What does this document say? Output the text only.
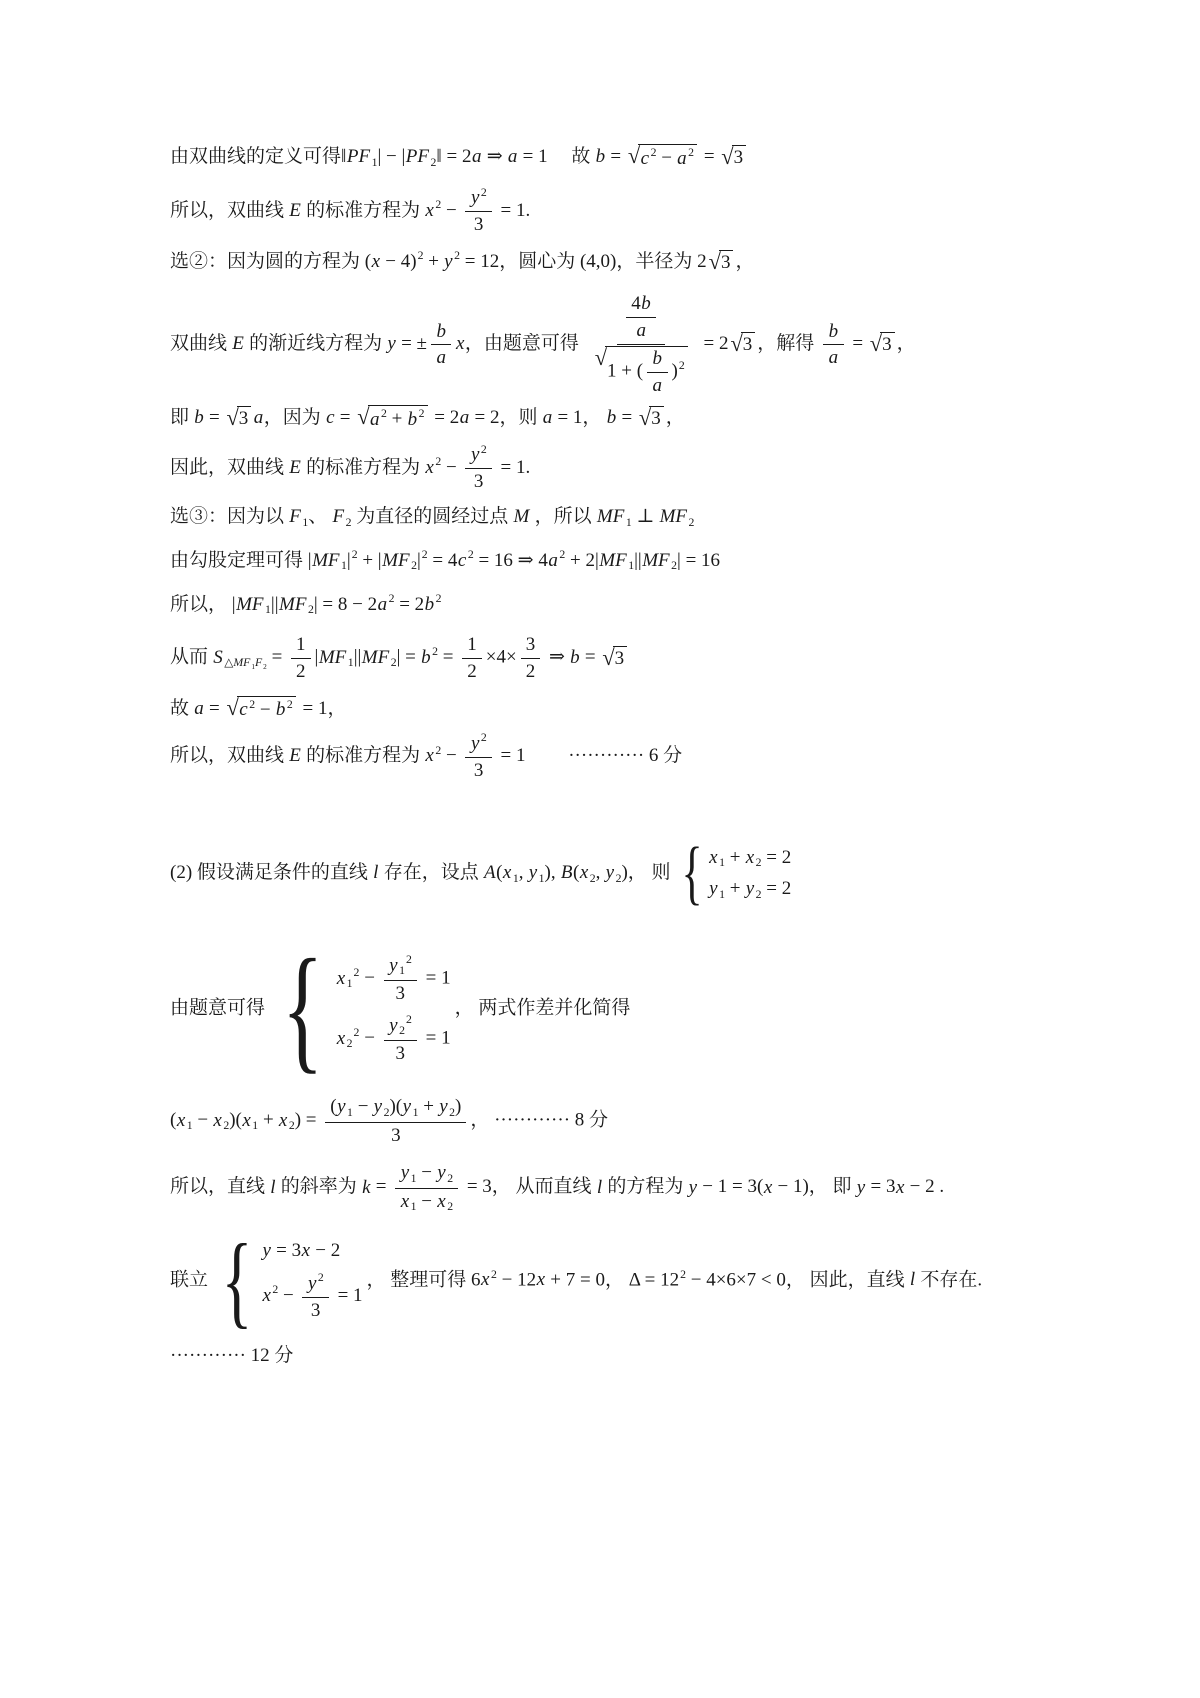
由双曲线的定义可得‖PF 1| − |PF 2‖ = 2a ⇒ a = 1　 故 b = √ c $^2$ − a $^2$ = √ 3
所以，双曲线 E 的标准方程为 x $^2 - \frac{y ^2}{3} = 1$.
选②：因为圆的方程为 $(x - 4)^2 + y$ $^2$ = 12，圆心为 (4,0)，半径为 2 √ 3 ，
双曲线 E 的渐近线方程为 y = ± $\frac{b}{a}$ x，由题意可得 $\frac{4b}{a}$
√
1 + ( $\frac{b}{a} )^2 = 2$ √ 3 ，解得 $\frac{b}{a}$ = √ 3 ，
即 b = √ 3 a，因为 c = √ a $^2$ + b $^2$ = 2a = 2，则 a = 1， b = √ 3 ，
因此，双曲线 E 的标准方程为 x $^2 - \frac{y ^2}{3} = 1$.
选③：因为以 F 1、 F 2 为直径的圆经过点 M ，所以 MF 1 ⊥ MF 2
由勾股定理可得 |MF $1|^2 + |MF$ $2|^2 = 4c$ $^2$ = 16 ⇒ 4a $^2$ + 2|MF 1||MF 2| = 16
所以， |MF 1||MF 2| = 8 − 2a $^2$ = 2b $^2$
从而 S △MF1F2 = $\frac{1}{2} |MF$ 1||MF 2| = b $^2 = \frac{1}{2} \times 4\times \frac{3}{2}$ ⇒ b = √ 3
故 a = √ c $^2$ − b $^2$ = 1，
所以，双曲线 E 的标准方程为 x $^2 - \frac{y ^2}{3} = 1$　　 ············ 6 分
(2) 假设满足条件的直线 l 存在，设点 A(x 1, y 1), B(x 2, y 2)， 则 { x 1 + x 2 = 2
y 1 + y 2 = 2
由题意可得 { x $1^2 - \frac{y 1^2}{3} = 1$
x $2^2 - \frac{y 2^2}{3} = 1$
， 两式作差并化简得
(x 1 − x 2)(x 1 + x $2) = \frac{(y 1 - y 2)(y 1 + y 2)}{3}$ ， ············ 8 分
所以，直线 l 的斜率为 $k = \frac{y 1 - y 2}{x 1 - x 2} = 3$， 从而直线 l 的方程为 y − 1 = 3(x − 1)， 即 y = 3x − 2 .
联立 { y = 3x − 2
x $^2 - \frac{y ^2}{3} = 1$
， 整理可得 6x $^2$ − 12x + 7 = 0， $\Delta = 12^2 - 4\times 6\times 7 < 0$， 因此，直线 l 不存在.
············ 12 分
